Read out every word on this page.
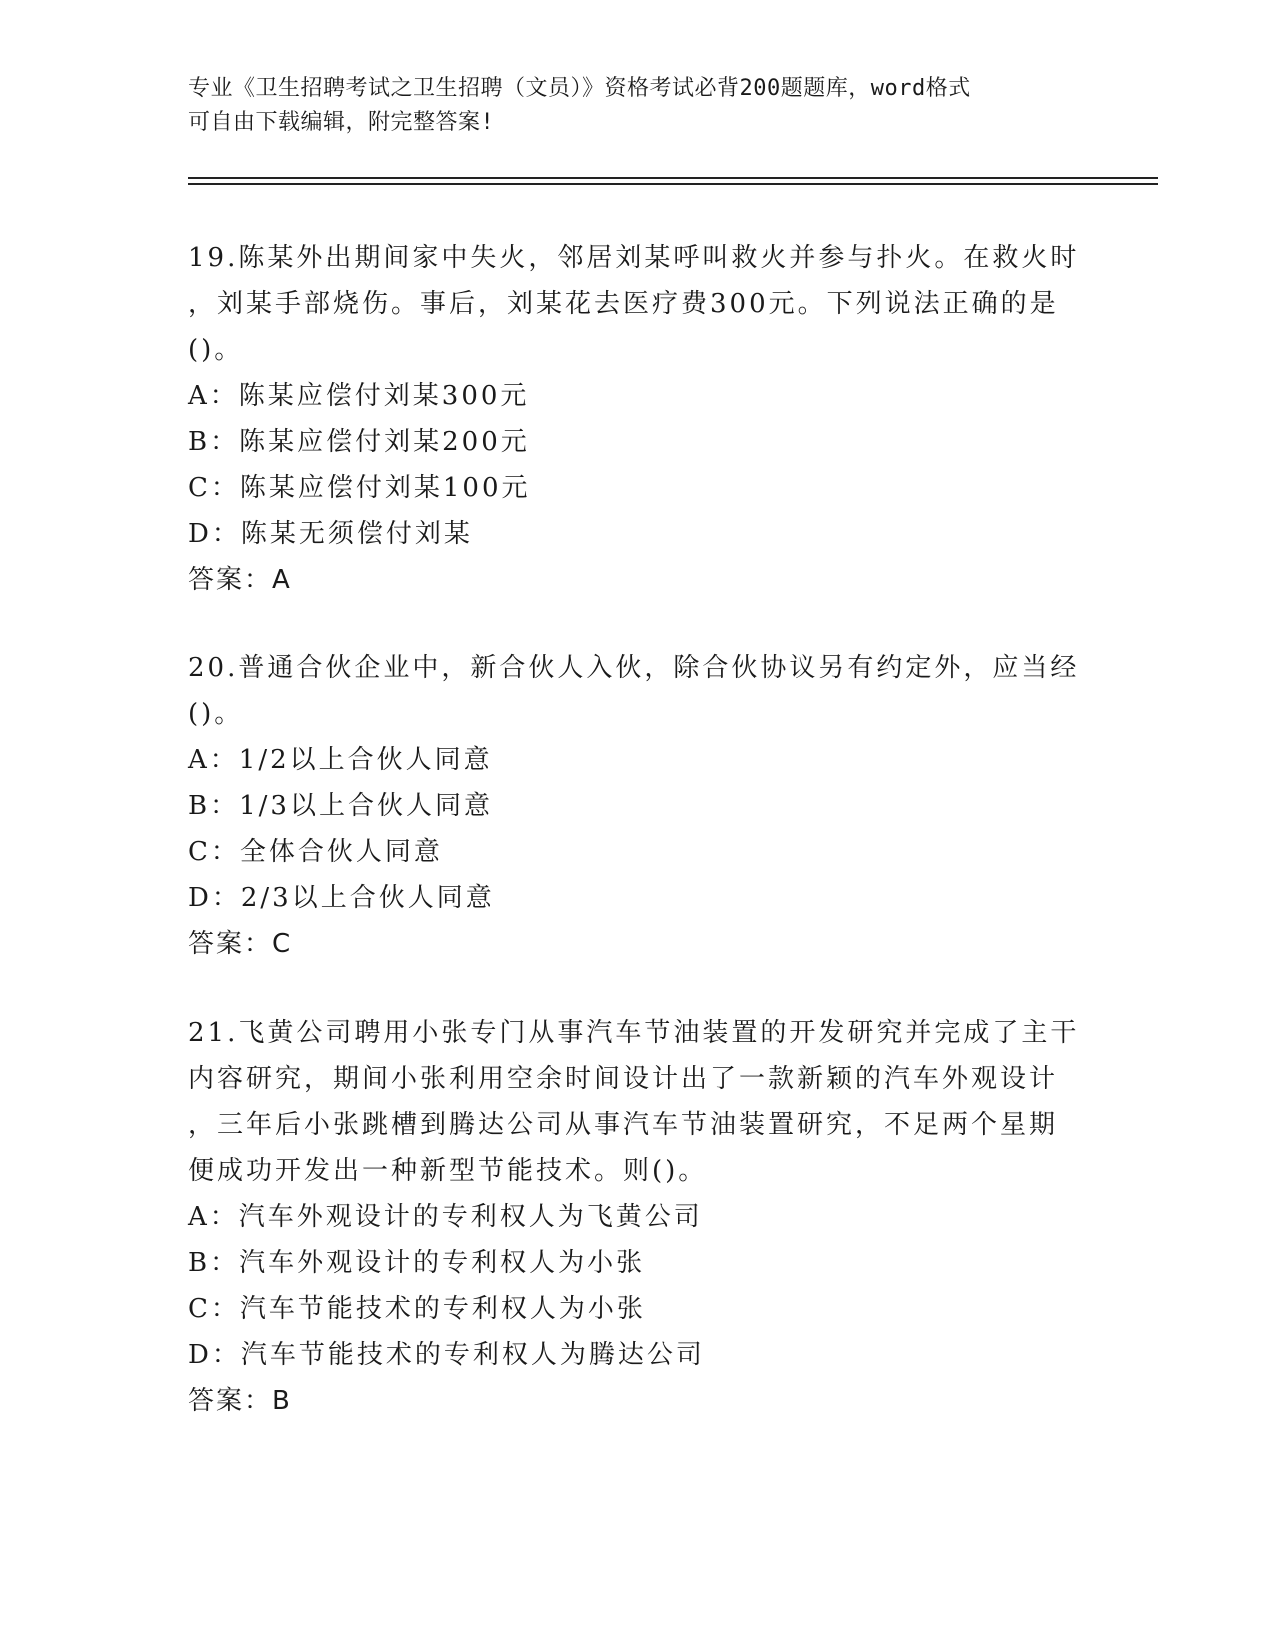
专业《卫生招聘考试之卫生招聘（文员）》资格考试必背200题题库，word格式
可自由下载编辑，附完整答案!
19.陈某外出期间家中失火，邻居刘某呼叫救火并参与扑火。在救火时
，刘某手部烧伤。事后，刘某花去医疗费300元。下列说法正确的是
()。
A：陈某应偿付刘某300元
B：陈某应偿付刘某200元
C：陈某应偿付刘某100元
D：陈某无须偿付刘某
答案：A
20.普通合伙企业中，新合伙人入伙，除合伙协议另有约定外，应当经
()。
A：1/2以上合伙人同意
B：1/3以上合伙人同意
C：全体合伙人同意
D：2/3以上合伙人同意
答案：C
21.飞黄公司聘用小张专门从事汽车节油装置的开发研究并完成了主干
内容研究，期间小张利用空余时间设计出了一款新颖的汽车外观设计
，三年后小张跳槽到腾达公司从事汽车节油装置研究，不足两个星期
便成功开发出一种新型节能技术。则()。
A：汽车外观设计的专利权人为飞黄公司
B：汽车外观设计的专利权人为小张
C：汽车节能技术的专利权人为小张
D：汽车节能技术的专利权人为腾达公司
答案：B
